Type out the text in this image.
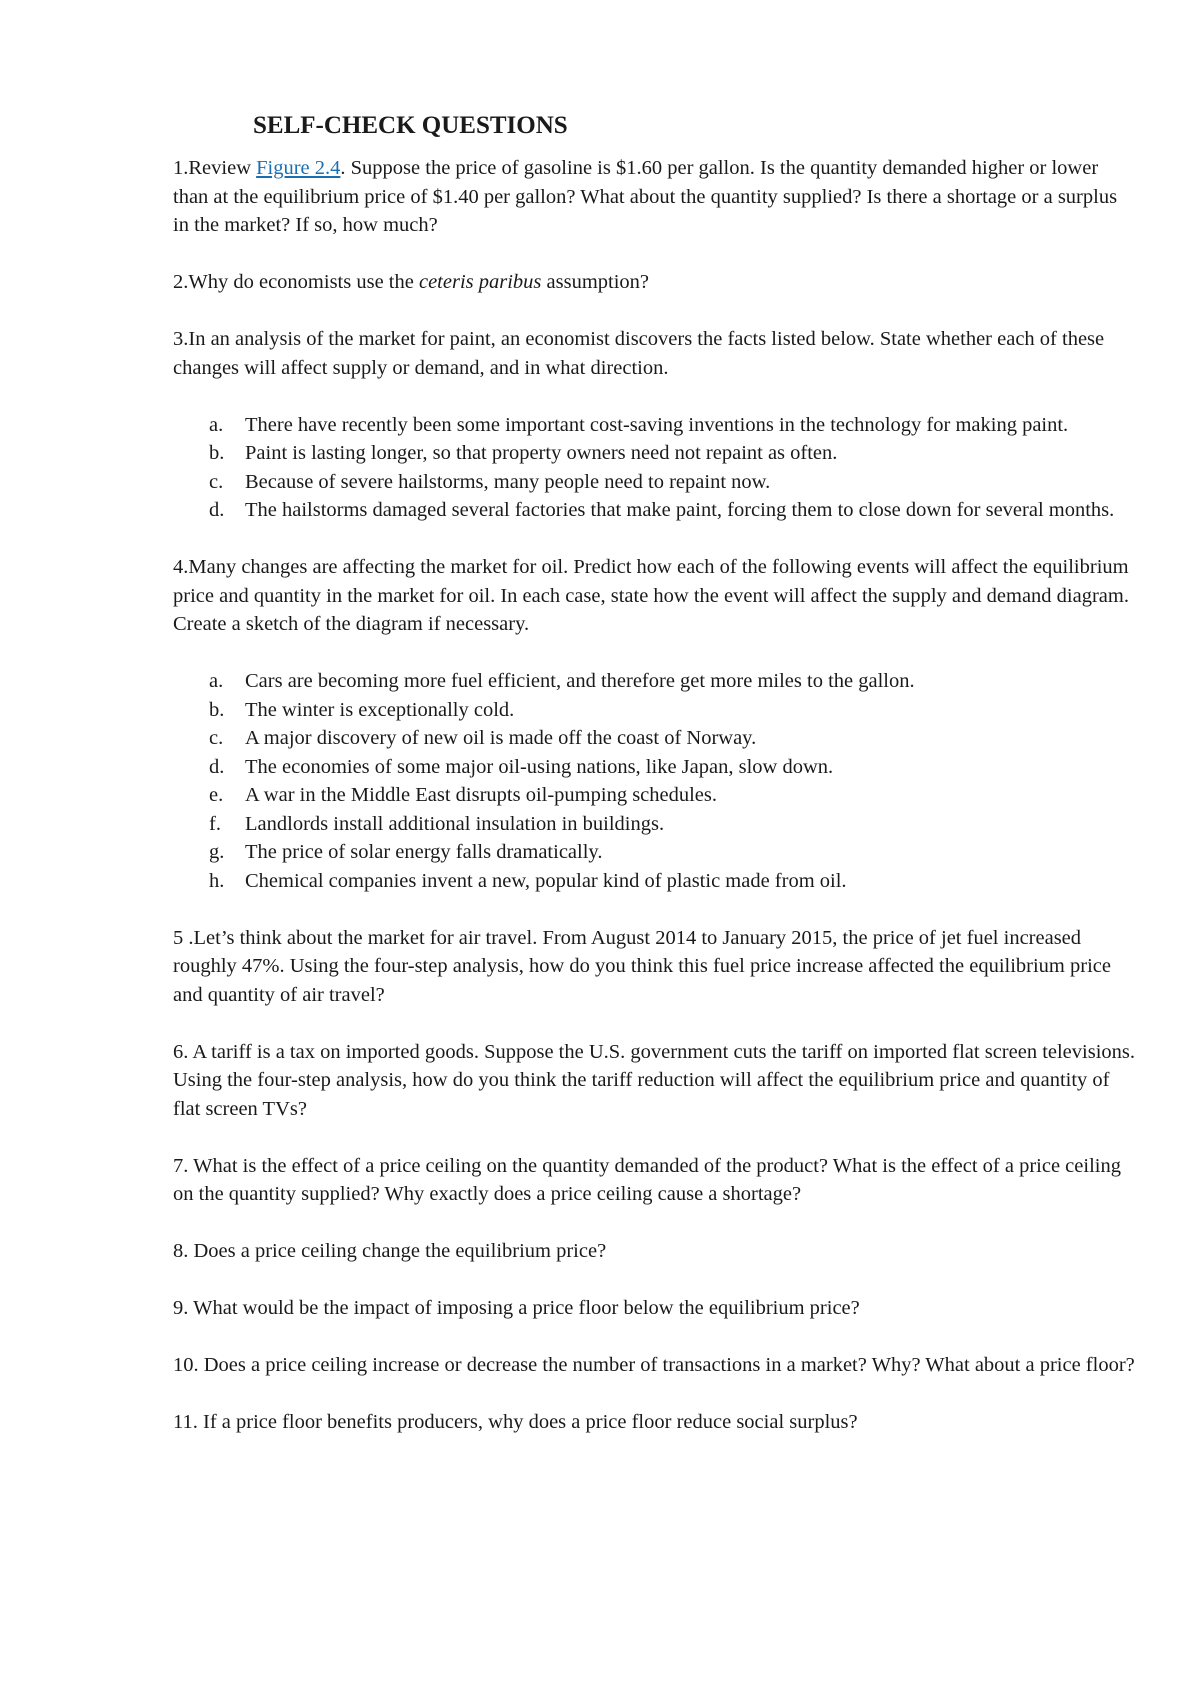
SELF-CHECK QUESTIONS

1.Review Figure 2.4. Suppose the price of gasoline is $1.60 per gallon. Is the quantity demanded higher or lower than at the equilibrium price of $1.40 per gallon? What about the quantity supplied? Is there a shortage or a surplus in the market? If so, how much?

2.Why do economists use the ceteris paribus assumption?

3.In an analysis of the market for paint, an economist discovers the facts listed below. State whether each of these changes will affect supply or demand, and in what direction.

a. There have recently been some important cost-saving inventions in the technology for making paint.
b. Paint is lasting longer, so that property owners need not repaint as often.
c. Because of severe hailstorms, many people need to repaint now.
d. The hailstorms damaged several factories that make paint, forcing them to close down for several months.

4.Many changes are affecting the market for oil. Predict how each of the following events will affect the equilibrium price and quantity in the market for oil. In each case, state how the event will affect the supply and demand diagram. Create a sketch of the diagram if necessary.

a. Cars are becoming more fuel efficient, and therefore get more miles to the gallon.
b. The winter is exceptionally cold.
c. A major discovery of new oil is made off the coast of Norway.
d. The economies of some major oil-using nations, like Japan, slow down.
e. A war in the Middle East disrupts oil-pumping schedules.
f. Landlords install additional insulation in buildings.
g. The price of solar energy falls dramatically.
h. Chemical companies invent a new, popular kind of plastic made from oil.

5 .Let’s think about the market for air travel. From August 2014 to January 2015, the price of jet fuel increased roughly 47%. Using the four-step analysis, how do you think this fuel price increase affected the equilibrium price and quantity of air travel?

6. A tariff is a tax on imported goods. Suppose the U.S. government cuts the tariff on imported flat screen televisions. Using the four-step analysis, how do you think the tariff reduction will affect the equilibrium price and quantity of flat screen TVs?

7. What is the effect of a price ceiling on the quantity demanded of the product? What is the effect of a price ceiling on the quantity supplied? Why exactly does a price ceiling cause a shortage?

8. Does a price ceiling change the equilibrium price?

9. What would be the impact of imposing a price floor below the equilibrium price?

10. Does a price ceiling increase or decrease the number of transactions in a market? Why? What about a price floor?

11. If a price floor benefits producers, why does a price floor reduce social surplus?
